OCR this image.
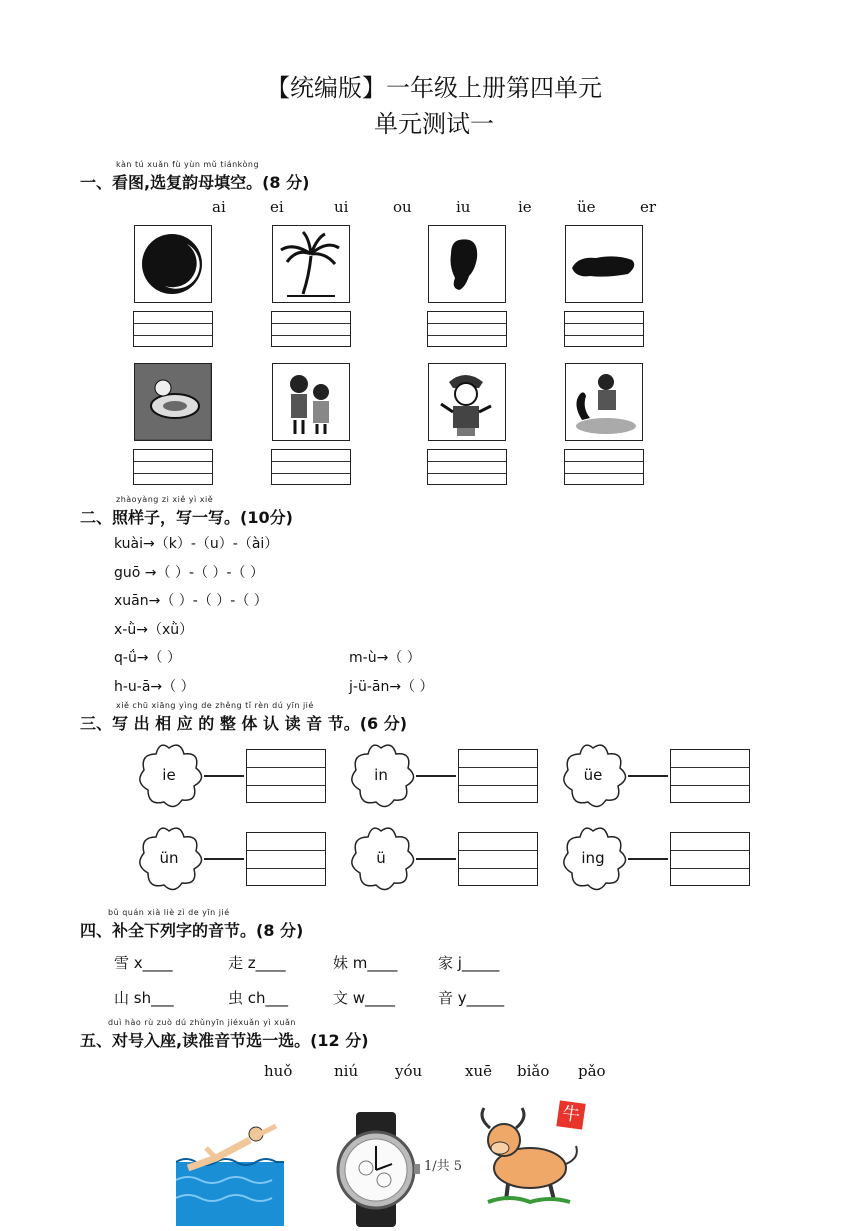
【统编版】一年级上册第四单元
单元测试一
kàn tú xuǎn fù yùn mǔ tiánkòng
一、看图,选复韵母填空。(8 分)
ai	ei	ui	ou	iu	ie	üe	er
zhàoyàng zi xiě yì xiě
二、照样子，写一写。(10分)
kuài→（k）-（u）-（ài）
guō →（ ）-（ ）-（ ）
xuān→（ ）-（ ）-（ ）
x-ǜ→（xǜ）
q-ǘ→（ ）	m-ù→（ ）
h-u-ā→（ ）	j-ü-ān→（ ）
xiě chū xiāng yìng de zhěng tǐ rèn dú yīn jié
三、写 出 相 应 的 整 体 认 读 音 节。(6 分)
ie	in	üe
ün	ü	ing
bǔ quán xià liè zì de yīn jié
四、补全下列字的音节。(8 分)
雪 x____	走 z____	妹 m____	家 j_____
山 sh___	虫 ch___	文 w____	音 y_____
duì hào rù zuò dú zhǔnyīn jiéxuǎn yì xuǎn
五、对号入座,读准音节选一选。(12 分)
huǒ	niú yóu	xuē biǎo pǎo
1/共 5
牛
